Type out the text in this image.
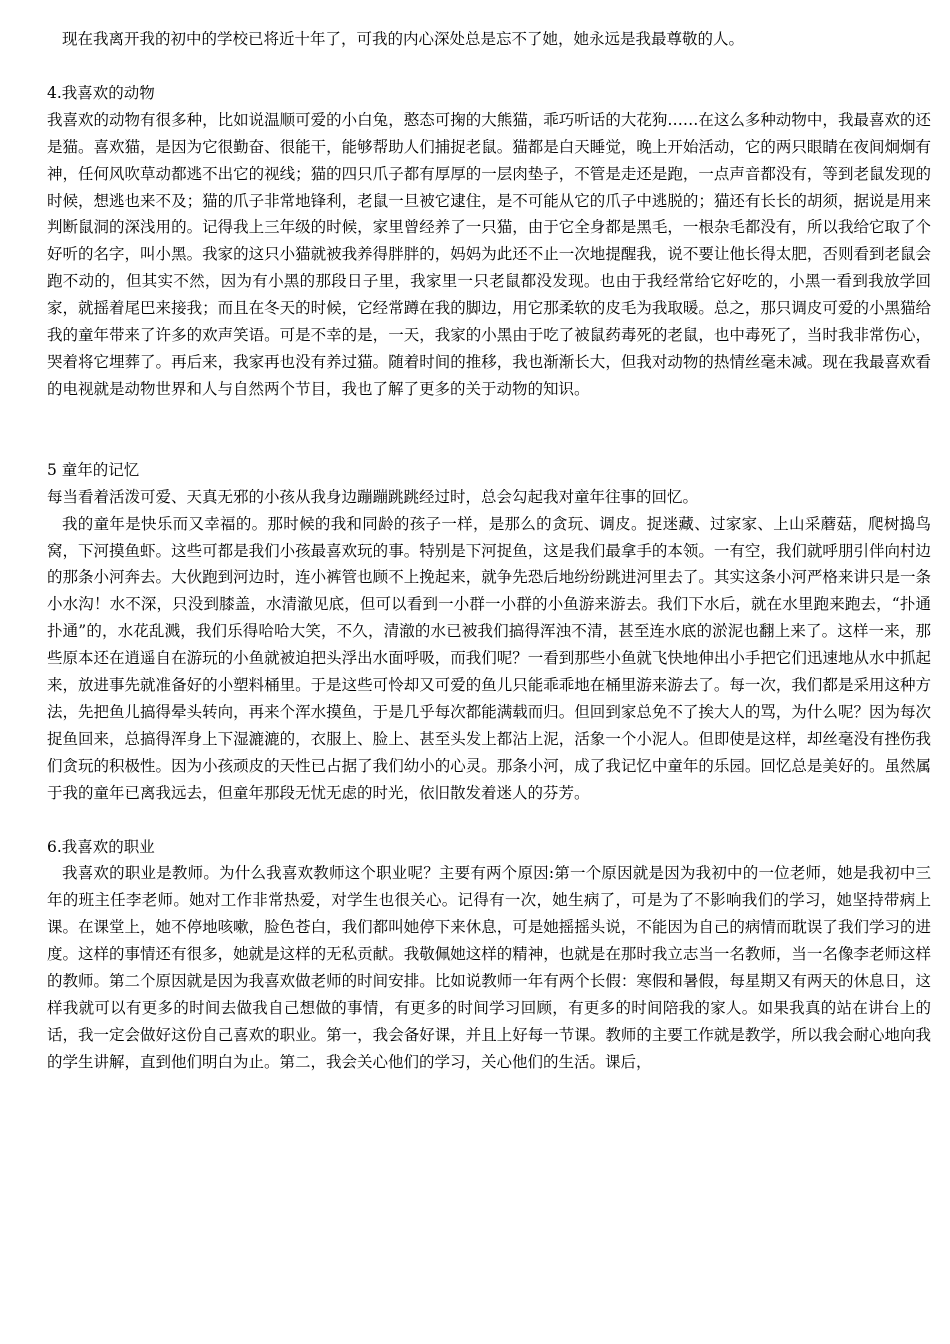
现在我离开我的初中的学校已将近十年了，可我的内心深处总是忘不了她，她永远是我最尊敬的人。

4.我喜欢的动物

我喜欢的动物有很多种，比如说温顺可爱的小白兔，憨态可掬的大熊猫，乖巧听话的大花狗……在这么多种动物中，我最喜欢的还是猫。喜欢猫，是因为它很勤奋、很能干，能够帮助人们捕捉老鼠。猫都是白天睡觉，晚上开始活动，它的两只眼睛在夜间炯炯有神，任何风吹草动都逃不出它的视线；猫的四只爪子都有厚厚的一层肉垫子，不管是走还是跑，一点声音都没有，等到老鼠发现的时候，想逃也来不及；猫的爪子非常地锋利，老鼠一旦被它逮住，是不可能从它的爪子中逃脱的；猫还有长长的胡须，据说是用来判断鼠洞的深浅用的。记得我上三年级的时候，家里曾经养了一只猫，由于它全身都是黑毛，一根杂毛都没有，所以我给它取了个好听的名字，叫小黑。我家的这只小猫就被我养得胖胖的，妈妈为此还不止一次地提醒我，说不要让他长得太肥，否则看到老鼠会跑不动的，但其实不然，因为有小黑的那段日子里，我家里一只老鼠都没发现。也由于我经常给它好吃的，小黑一看到我放学回家，就摇着尾巴来接我；而且在冬天的时候，它经常蹲在我的脚边，用它那柔软的皮毛为我取暖。总之，那只调皮可爱的小黑猫给我的童年带来了许多的欢声笑语。可是不幸的是，一天，我家的小黑由于吃了被鼠药毒死的老鼠，也中毒死了，当时我非常伤心，哭着将它埋葬了。再后来，我家再也没有养过猫。随着时间的推移，我也渐渐长大，但我对动物的热情丝毫未减。现在我最喜欢看的电视就是动物世界和人与自然两个节目，我也了解了更多的关于动物的知识。

5 童年的记忆

每当看着活泼可爱、天真无邪的小孩从我身边蹦蹦跳跳经过时，总会勾起我对童年往事的回忆。

我的童年是快乐而又幸福的。那时候的我和同龄的孩子一样，是那么的贪玩、调皮。捉迷藏、过家家、上山采蘑菇，爬树捣鸟窝，下河摸鱼虾。这些可都是我们小孩最喜欢玩的事。特别是下河捉鱼，这是我们最拿手的本领。一有空，我们就呼朋引伴向村边的那条小河奔去。大伙跑到河边时，连小裤管也顾不上挽起来，就争先恐后地纷纷跳进河里去了。其实这条小河严格来讲只是一条小水沟！水不深，只没到膝盖，水清澈见底，但可以看到一小群一小群的小鱼游来游去。我们下水后，就在水里跑来跑去，“扑通扑通”的，水花乱溅，我们乐得哈哈大笑，不久，清澈的水已被我们搞得浑浊不清，甚至连水底的淤泥也翻上来了。这样一来，那些原本还在逍遥自在游玩的小鱼就被迫把头浮出水面呼吸，而我们呢？一看到那些小鱼就飞快地伸出小手把它们迅速地从水中抓起来，放进事先就准备好的小塑料桶里。于是这些可怜却又可爱的鱼儿只能乖乖地在桶里游来游去了。每一次，我们都是采用这种方法，先把鱼儿搞得晕头转向，再来个浑水摸鱼，于是几乎每次都能满载而归。但回到家总免不了挨大人的骂，为什么呢？因为每次捉鱼回来，总搞得浑身上下湿漉漉的，衣服上、脸上、甚至头发上都沾上泥，活象一个小泥人。但即使是这样，却丝毫没有挫伤我们贪玩的积极性。因为小孩顽皮的天性已占据了我们幼小的心灵。那条小河，成了我记忆中童年的乐园。回忆总是美好的。虽然属于我的童年已离我远去，但童年那段无忧无虑的时光，依旧散发着迷人的芬芳。

6.我喜欢的职业

我喜欢的职业是教师。为什么我喜欢教师这个职业呢？主要有两个原因:第一个原因就是因为我初中的一位老师，她是我初中三年的班主任李老师。她对工作非常热爱，对学生也很关心。记得有一次，她生病了，可是为了不影响我们的学习，她坚持带病上课。在课堂上，她不停地咳嗽，脸色苍白，我们都叫她停下来休息，可是她摇摇头说，不能因为自己的病情而耽误了我们学习的进度。这样的事情还有很多，她就是这样的无私贡献。我敬佩她这样的精神，也就是在那时我立志当一名教师，当一名像李老师这样的教师。第二个原因就是因为我喜欢做老师的时间安排。比如说教师一年有两个长假：寒假和暑假，每星期又有两天的休息日，这样我就可以有更多的时间去做我自己想做的事情，有更多的时间学习回顾，有更多的时间陪我的家人。如果我真的站在讲台上的话，我一定会做好这份自己喜欢的职业。第一，我会备好课，并且上好每一节课。教师的主要工作就是教学，所以我会耐心地向我的学生讲解，直到他们明白为止。第二，我会关心他们的学习，关心他们的生活。课后，
